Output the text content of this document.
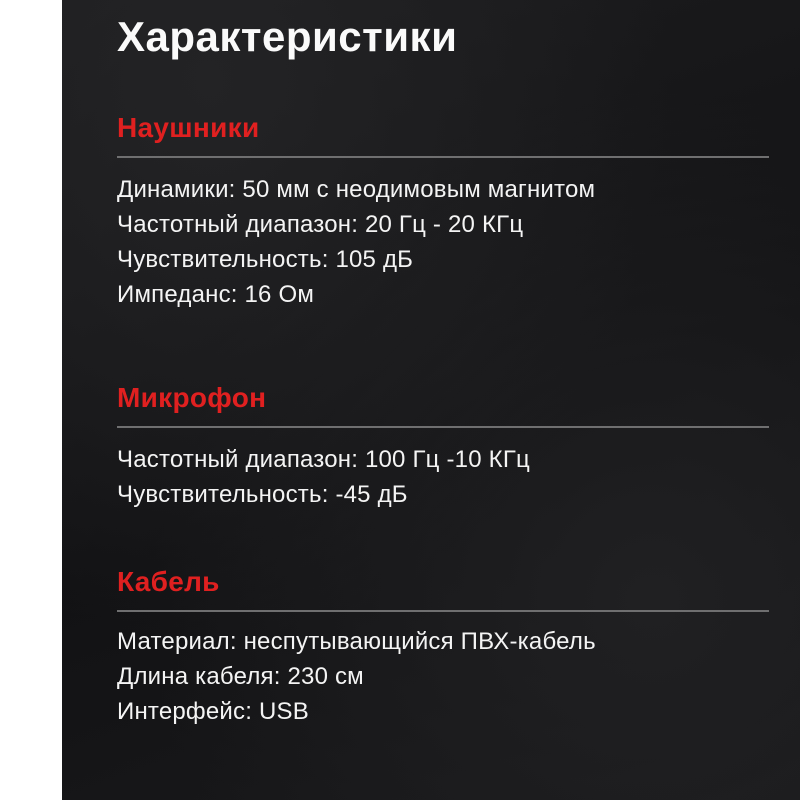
Характеристики
Наушники
Динамики: 50 мм с неодимовым магнитом
Частотный диапазон: 20 Гц - 20 КГц
Чувствительность: 105 дБ
Импеданс: 16 Ом
Микрофон
Частотный диапазон: 100 Гц -10 КГц
Чувствительность: -45 дБ
Кабель
Материал: неспутывающийся ПВХ-кабель
Длина кабеля: 230 см
Интерфейс: USB
